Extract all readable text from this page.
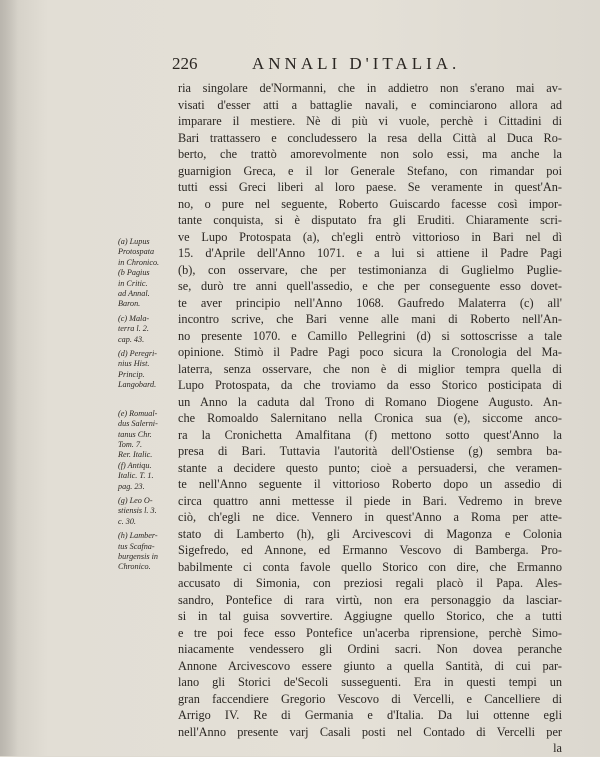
226	ANNALI D'ITALIA.
(a) Lupus
Protospata
in Chronico.
(b Pagius
in Critic.
ad Annal.
Baron.
(c) Mala-
terra l. 2.
cap. 43.
(d) Peregri-
nius Hist.
Princip.
Langobard.
(e) Romual-
dus Salerni-
tanus Chr.
Tom. 7.
Rer. Italic.
(f) Antiqu.
Italic. T. 1.
pag. 23.
(g) Leo O-
stiensis l. 3.
c. 30.
(h) Lamber-
tus Scafna-
burgensis in
Chronico.
ria singolare de'Normanni, che in addietro non s'erano mai av-
visati d'esser atti a battaglie navali, e cominciarono allora ad
imparare il mestiere. Nè di più vi vuole, perchè i Cittadini di
Bari trattassero e concludessero la resa della Città al Duca Ro-
berto, che trattò amorevolmente non solo essi, ma anche la
guarnigion Greca, e il lor Generale Stefano, con rimandar poi
tutti essi Greci liberi al loro paese. Se veramente in quest'An-
no, o pure nel seguente, Roberto Guiscardo facesse così impor-
tante conquista, si è disputato fra gli Eruditi. Chiaramente scri-
ve Lupo Protospata (a), ch'egli entrò vittorioso in Bari nel dì
15. d'Aprile dell'Anno 1071. e a lui si attiene il Padre Pagi
(b), con osservare, che per testimonianza di Guglielmo Puglie-
se, durò tre anni quell'assedio, e che per conseguente esso dovet-
te aver principio nell'Anno 1068. Gaufredo Malaterra (c) all'
incontro scrive, che Bari venne alle mani di Roberto nell'An-
no presente 1070. e Camillo Pellegrini (d) si sottoscrisse a tale
opinione. Stimò il Padre Pagi poco sicura la Cronologia del Ma-
laterra, senza osservare, che non è di miglior tempra quella di
Lupo Protospata, da che troviamo da esso Storico posticipata di
un Anno la caduta dal Trono di Romano Diogene Augusto. An-
che Romoaldo Salernitano nella Cronica sua (e), siccome anco-
ra la Cronichetta Amalfitana (f) mettono sotto quest'Anno la
presa di Bari. Tuttavia l'autorità dell'Ostiense (g) sembra ba-
stante a decidere questo punto; cioè a persuadersi, che veramen-
te nell'Anno seguente il vittorioso Roberto dopo un assedio di
circa quattro anni mettesse il piede in Bari. Vedremo in breve
ciò, ch'egli ne dice. Vennero in quest'Anno a Roma per atte-
stato di Lamberto (h), gli Arcivescovi di Magonza e Colonia
Sigefredo, ed Annone, ed Ermanno Vescovo di Bamberga. Pro-
babilmente ci conta favole quello Storico con dire, che Ermanno
accusato di Simonia, con preziosi regali placò il Papa. Ales-
sandro, Pontefice di rara virtù, non era personaggio da lasciar-
si in tal guisa sovvertire. Aggiugne quello Storico, che a tutti
e tre poi fece esso Pontefice un'acerba riprensione, perchè Simo-
niacamente vendessero gli Ordini sacri. Non dovea peranche
Annone Arcivescovo essere giunto a quella Santità, di cui par-
lano gli Storici de'Secoli susseguenti. Era in questi tempi un
gran faccendiere Gregorio Vescovo di Vercelli, e Cancelliere di
Arrigo IV. Re di Germania e d'Italia. Da lui ottenne egli
nell'Anno presente varj Casali posti nel Contado di Vercelli per
la
